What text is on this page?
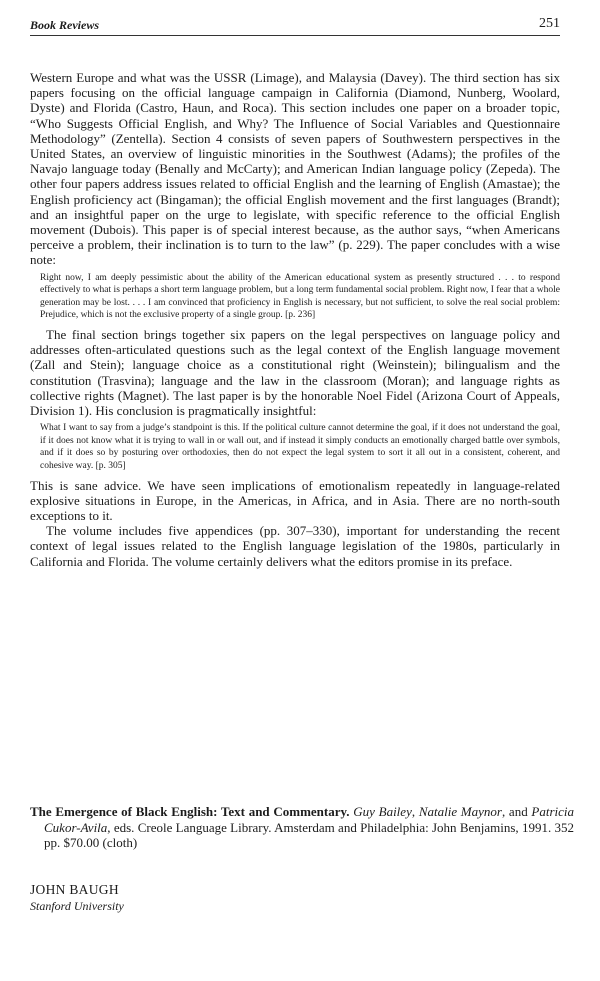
Book Reviews	251

Western Europe and what was the USSR (Limage), and Malaysia (Davey). The third section has six papers focusing on the official language campaign in California (Diamond, Nunberg, Woolard, Dyste) and Florida (Castro, Haun, and Roca). This section includes one paper on a broader topic, “Who Suggests Official English, and Why? The Influence of Social Variables and Questionnaire Methodology” (Zentella). Section 4 consists of seven papers of Southwestern perspectives in the United States, an overview of linguistic minorities in the Southwest (Adams); the profiles of the Navajo language today (Benally and McCarty); and American Indian language policy (Zepeda). The other four papers address issues related to official English and the learning of English (Amastae); the English proficiency act (Bingaman); the official English movement and the first languages (Brandt); and an insightful paper on the urge to legislate, with specific reference to the official English movement (Dubois). This paper is of special interest because, as the author says, “when Americans perceive a problem, their inclination is to turn to the law” (p. 229). The paper concludes with a wise note:

Right now, I am deeply pessimistic about the ability of the American educational system as presently structured . . . to respond effectively to what is perhaps a short term language problem, but a long term fundamental social problem. Right now, I fear that a whole generation may be lost. . . . I am convinced that proficiency in English is necessary, but not sufficient, to solve the real social problem: Prejudice, which is not the exclusive property of a single group. [p. 236]

The final section brings together six papers on the legal perspectives on language policy and addresses often-articulated questions such as the legal context of the English language movement (Zall and Stein); language choice as a constitutional right (Weinstein); bilingualism and the constitution (Trasvina); language and the law in the classroom (Moran); and language rights as collective rights (Magnet). The last paper is by the honorable Noel Fidel (Arizona Court of Appeals, Division 1). His conclusion is pragmatically insightful:

What I want to say from a judge’s standpoint is this. If the political culture cannot determine the goal, if it does not understand the goal, if it does not know what it is trying to wall in or wall out, and if instead it simply conducts an emotionally charged battle over symbols, and if it does so by posturing over orthodoxies, then do not expect the legal system to sort it all out in a consistent, coherent, and cohesive way. [p. 305]

This is sane advice. We have seen implications of emotionalism repeatedly in language-related explosive situations in Europe, in the Americas, in Africa, and in Asia. There are no north-south exceptions to it.

The volume includes five appendices (pp. 307–330), important for understanding the recent context of legal issues related to the English language legislation of the 1980s, particularly in California and Florida. The volume certainly delivers what the editors promise in its preface.

The Emergence of Black English: Text and Commentary. Guy Bailey, Natalie Maynor, and Patricia Cukor-Avila, eds. Creole Language Library. Amsterdam and Philadelphia: John Benjamins, 1991. 352 pp. $70.00 (cloth)
JOHN BAUGH
Stanford University
